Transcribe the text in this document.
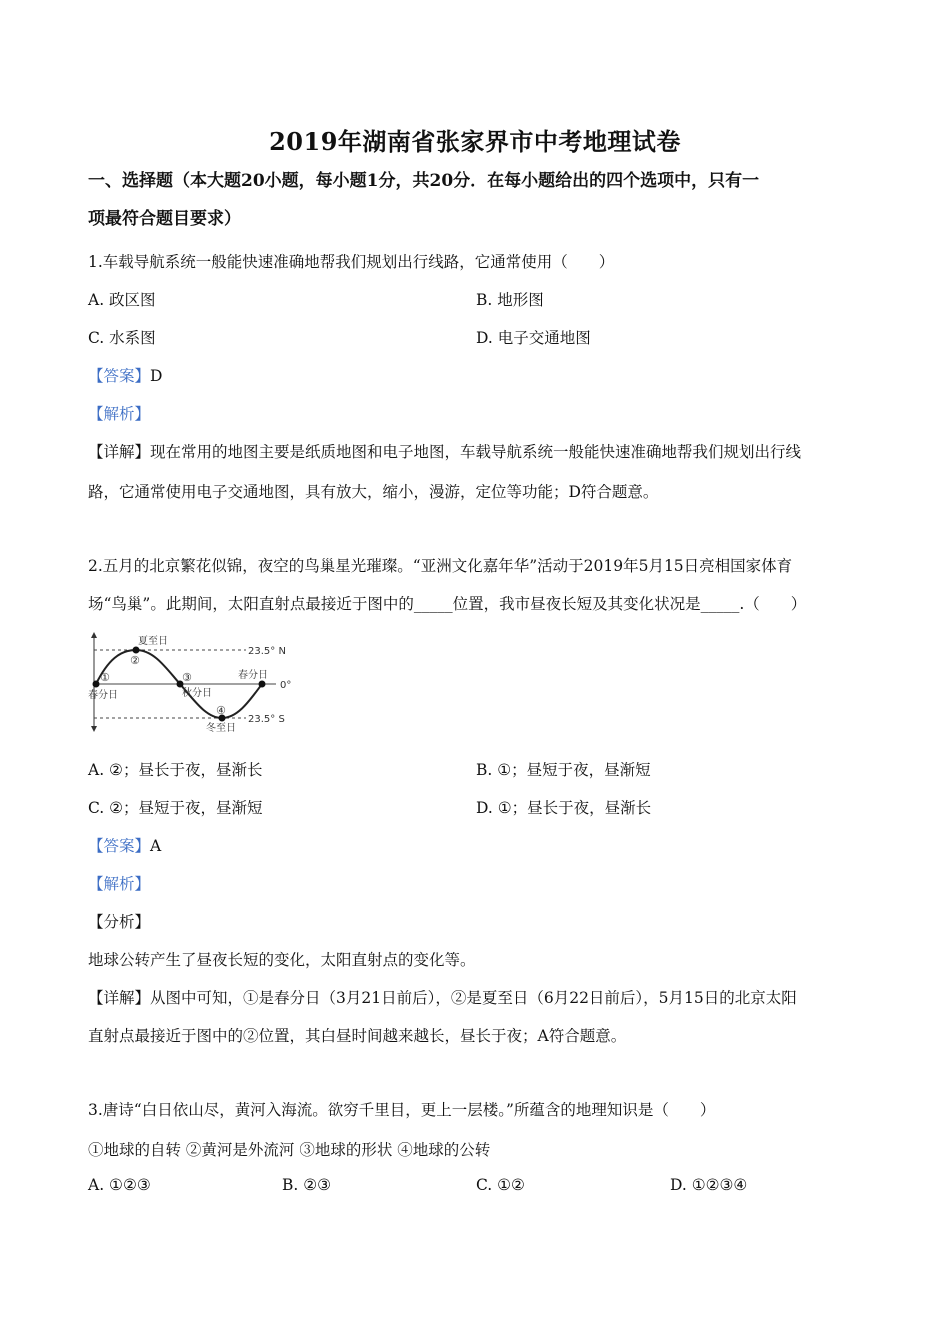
2019年湖南省张家界市中考地理试卷
一、选择题（本大题20小题，每小题1分，共20分．在每小题给出的四个选项中，只有一
项最符合题目要求）
1.车载导航系统一般能快速准确地帮我们规划出行线路，它通常使用（　　）
A. 政区图	B. 地形图
C. 水系图	D. 电子交通地图
【答案】D
【解析】
【详解】现在常用的地图主要是纸质地图和电子地图，车载导航系统一般能快速准确地帮我们规划出行线
路，它通常使用电子交通地图，具有放大，缩小，漫游，定位等功能；D符合题意。
2.五月的北京繁花似锦，夜空的鸟巢星光璀璨。“亚洲文化嘉年华”活动于2019年5月15日亮相国家体育
场“鸟巢”。此期间，太阳直射点最接近于图中的_____位置，我市昼夜长短及其变化状况是_____.（　　）
夏至日
春分日	秋分日
冬至日
春分日
23.5° N
0°
23.5° S
①
②
③
④
A. ②；昼长于夜，昼渐长	B. ①；昼短于夜，昼渐短
C. ②；昼短于夜，昼渐短	D. ①；昼长于夜，昼渐长
【答案】A
【解析】
【分析】
地球公转产生了昼夜长短的变化，太阳直射点的变化等。
【详解】从图中可知，①是春分日（3月21日前后），②是夏至日（6月22日前后），5月15日的北京太阳
直射点最接近于图中的②位置，其白昼时间越来越长，昼长于夜；A符合题意。
3.唐诗“白日依山尽，黄河入海流。欲穷千里目，更上一层楼。”所蕴含的地理知识是（　　）
①地球的自转 ②黄河是外流河 ③地球的形状 ④地球的公转
A. ①②③	B. ②③	C. ①②	D. ①②③④
